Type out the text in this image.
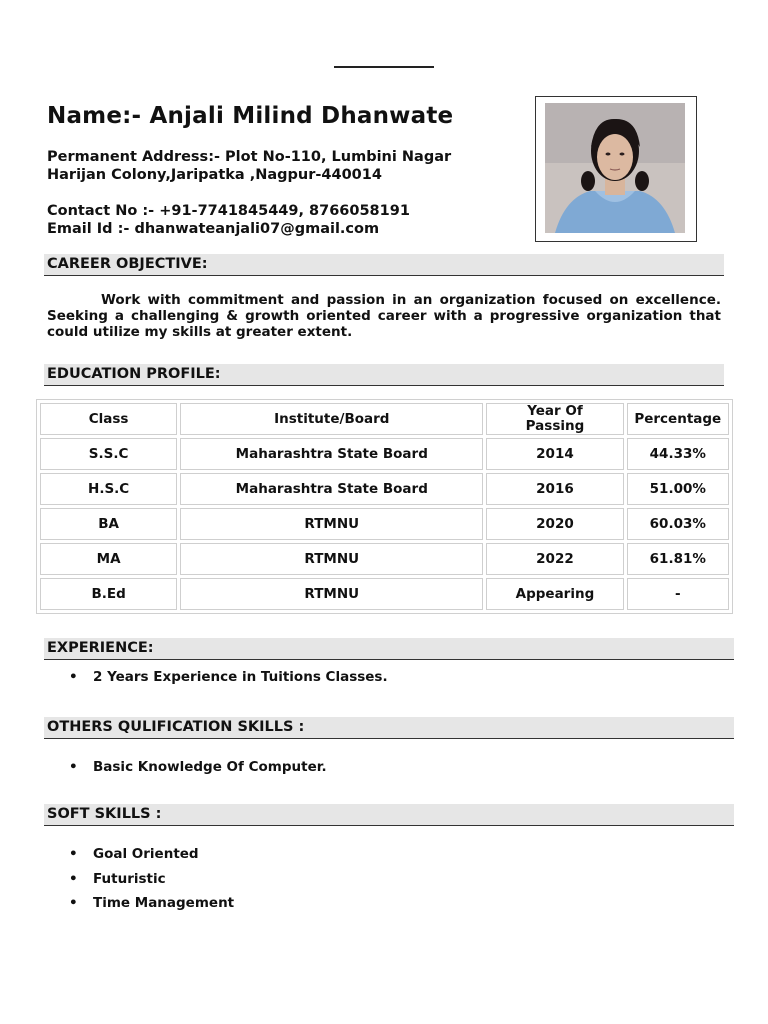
Name:- Anjali Milind Dhanwate
Permanent Address:- Plot No-110, Lumbini Nagar
Harijan Colony,Jaripatka ,Nagpur-440014
Contact No :- +91-7741845449, 8766058191
Email Id :- dhanwateanjali07@gmail.com
CAREER OBJECTIVE:
Work with commitment and passion in an organization focused on excellence. Seeking a challenging & growth oriented career with a progressive organization that could utilize my skills at greater extent.
EDUCATION PROFILE:
Class	Institute/Board	Year Of Passing	Percentage
S.S.C	Maharashtra State Board	2014	44.33%
H.S.C	Maharashtra State Board	2016	51.00%
BA	RTMNU	2020	60.03%
MA	RTMNU	2022	61.81%
B.Ed	RTMNU	Appearing	-
EXPERIENCE:
• 2 Years Experience in Tuitions Classes.
OTHERS QULIFICATION SKILLS :
• Basic Knowledge Of Computer.
SOFT SKILLS :
• Goal Oriented
• Futuristic
• Time Management
